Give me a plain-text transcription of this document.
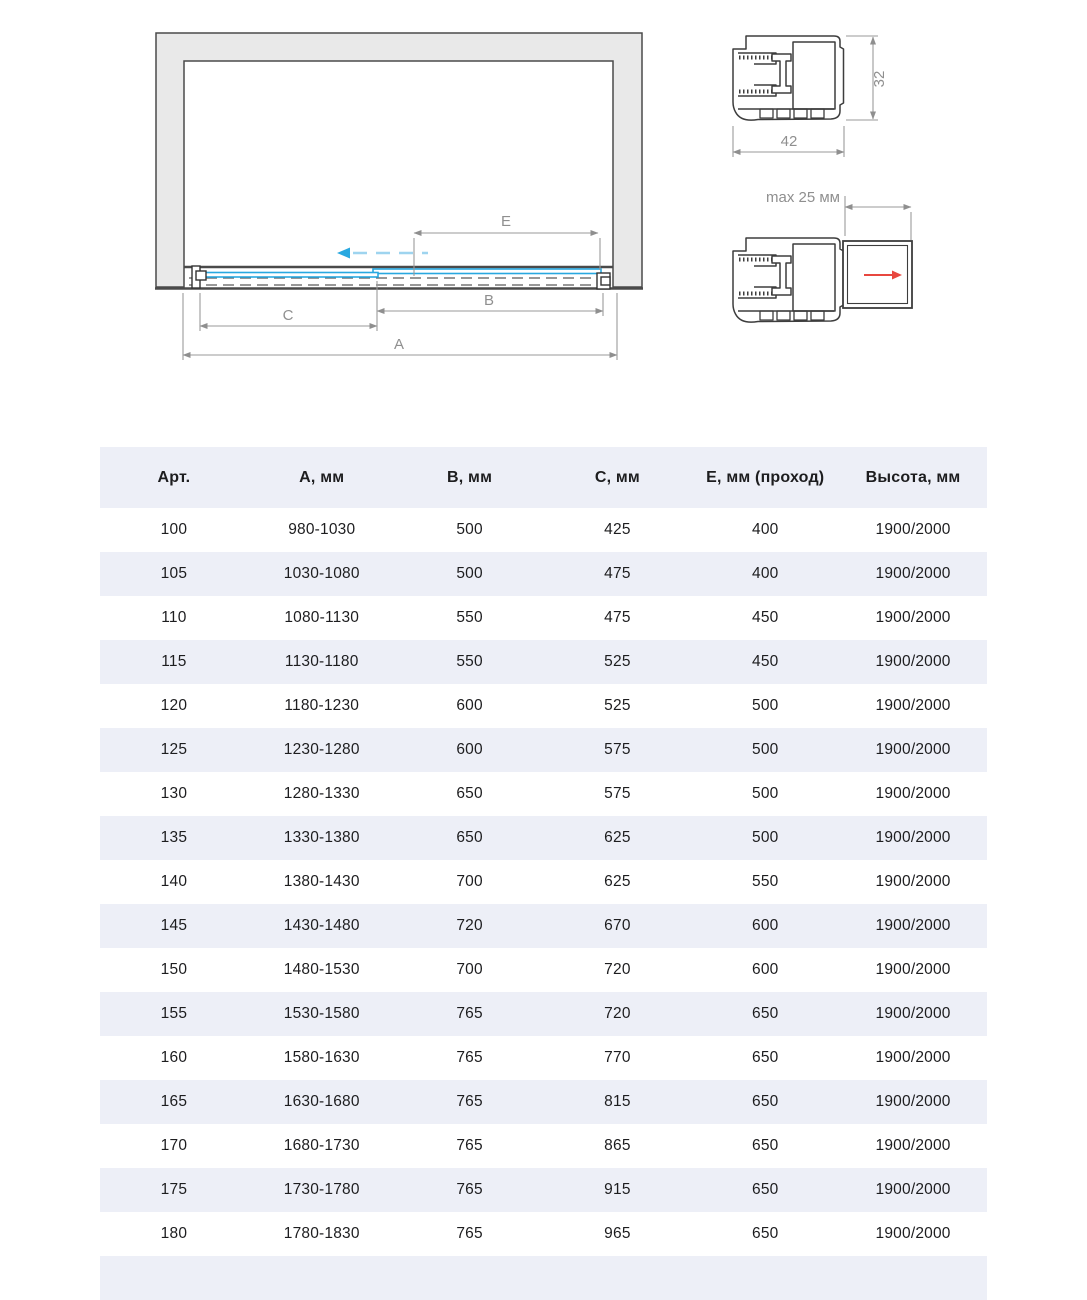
E
B
C
A
42
32
max 25 мм
Арт.	А, мм	В, мм	С, мм	Е, мм (проход)	Высота, мм
100	980-1030	500	425	400	1900/2000
105	1030-1080	500	475	400	1900/2000
110	1080-1130	550	475	450	1900/2000
115	1130-1180	550	525	450	1900/2000
120	1180-1230	600	525	500	1900/2000
125	1230-1280	600	575	500	1900/2000
130	1280-1330	650	575	500	1900/2000
135	1330-1380	650	625	500	1900/2000
140	1380-1430	700	625	550	1900/2000
145	1430-1480	720	670	600	1900/2000
150	1480-1530	700	720	600	1900/2000
155	1530-1580	765	720	650	1900/2000
160	1580-1630	765	770	650	1900/2000
165	1630-1680	765	815	650	1900/2000
170	1680-1730	765	865	650	1900/2000
175	1730-1780	765	915	650	1900/2000
180	1780-1830	765	965	650	1900/2000
